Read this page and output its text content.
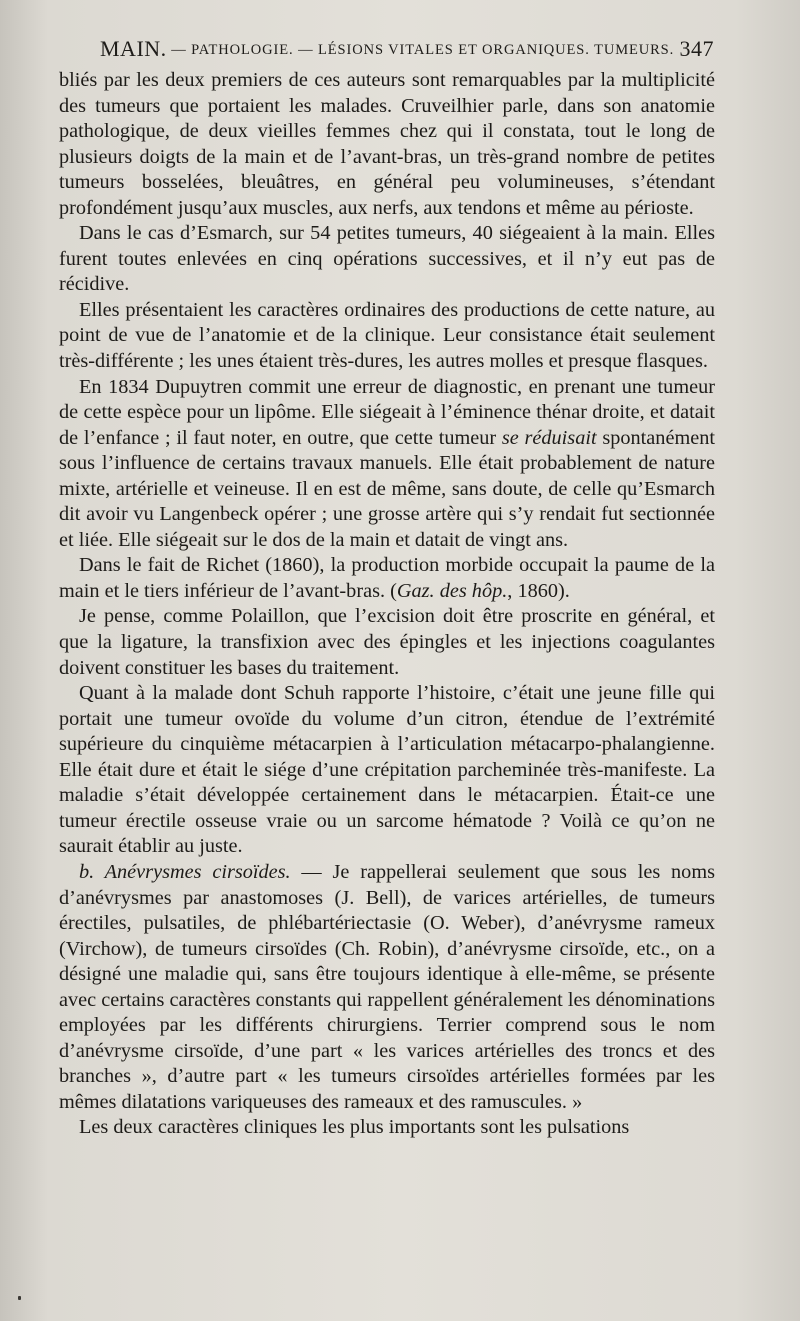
MAIN. — PATHOLOGIE. — LÉSIONS VITALES ET ORGANIQUES. TUMEURS. 347

bliés par les deux premiers de ces auteurs sont remarquables par la multiplicité des tumeurs que portaient les malades. Cruveilhier parle, dans son anatomie pathologique, de deux vieilles femmes chez qui il constata, tout le long de plusieurs doigts de la main et de l’avant-bras, un très-grand nombre de petites tumeurs bosselées, bleuâtres, en général peu volumineuses, s’étendant profondément jusqu’aux muscles, aux nerfs, aux tendons et même au périoste.

Dans le cas d’Esmarch, sur 54 petites tumeurs, 40 siégeaient à la main. Elles furent toutes enlevées en cinq opérations successives, et il n’y eut pas de récidive.

Elles présentaient les caractères ordinaires des productions de cette nature, au point de vue de l’anatomie et de la clinique. Leur consistance était seulement très-différente ; les unes étaient très-dures, les autres molles et presque flasques.

En 1834 Dupuytren commit une erreur de diagnostic, en prenant une tumeur de cette espèce pour un lipôme. Elle siégeait à l’éminence thénar droite, et datait de l’enfance ; il faut noter, en outre, que cette tumeur se réduisait spontanément sous l’influence de certains travaux manuels. Elle était probablement de nature mixte, artérielle et veineuse. Il en est de même, sans doute, de celle qu’Esmarch dit avoir vu Langenbeck opérer ; une grosse artère qui s’y rendait fut sectionnée et liée. Elle siégeait sur le dos de la main et datait de vingt ans.

Dans le fait de Richet (1860), la production morbide occupait la paume de la main et le tiers inférieur de l’avant-bras. (Gaz. des hôp., 1860).

Je pense, comme Polaillon, que l’excision doit être proscrite en général, et que la ligature, la transfixion avec des épingles et les injections coagulantes doivent constituer les bases du traitement.

Quant à la malade dont Schuh rapporte l’histoire, c’était une jeune fille qui portait une tumeur ovoïde du volume d’un citron, étendue de l’extrémité supérieure du cinquième métacarpien à l’articulation métacarpo-phalangienne. Elle était dure et était le siége d’une crépitation parcheminée très-manifeste. La maladie s’était développée certainement dans le métacarpien. Était-ce une tumeur érectile osseuse vraie ou un sarcome hématode ? Voilà ce qu’on ne saurait établir au juste.

b. Anévrysmes cirsoïdes. — Je rappellerai seulement que sous les noms d’anévrysmes par anastomoses (J. Bell), de varices artérielles, de tumeurs érectiles, pulsatiles, de phlébartériectasie (O. Weber), d’anévrysme rameux (Virchow), de tumeurs cirsoïdes (Ch. Robin), d’anévrysme cirsoïde, etc., on a désigné une maladie qui, sans être toujours identique à elle-même, se présente avec certains caractères constants qui rappellent généralement les dénominations employées par les différents chirurgiens. Terrier comprend sous le nom d’anévrysme cirsoïde, d’une part « les varices artérielles des troncs et des branches », d’autre part « les tumeurs cirsoïdes artérielles formées par les mêmes dilatations variqueuses des rameaux et des ramuscules. »

Les deux caractères cliniques les plus importants sont les pulsations
